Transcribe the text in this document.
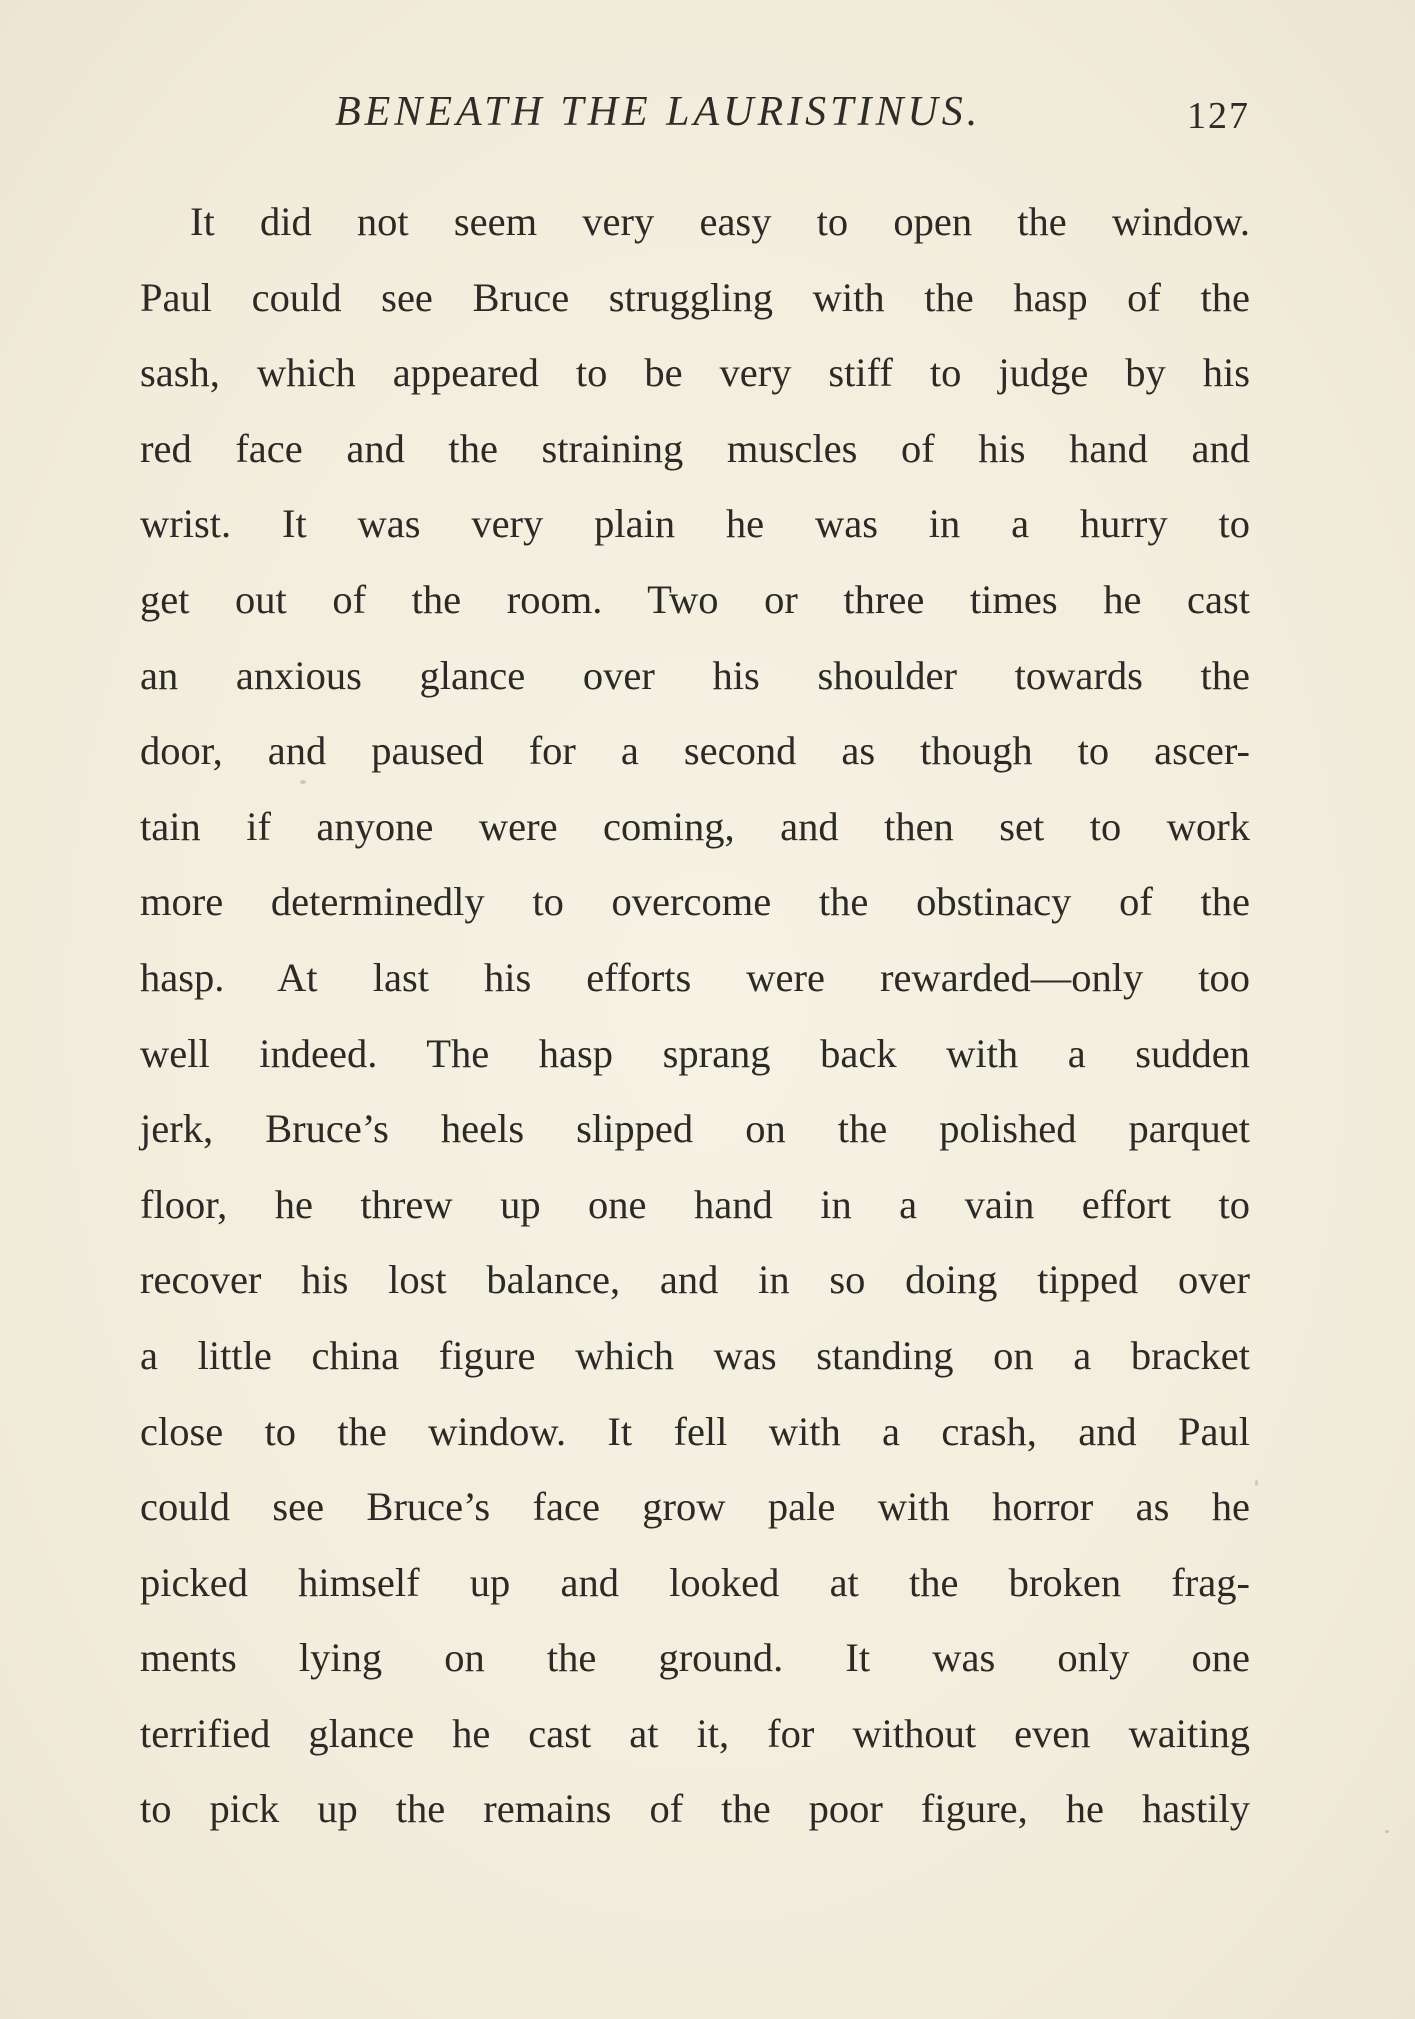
BENEATH THE LAURISTINUS.	127
It did not seem very easy to open the window.
Paul could see Bruce struggling with the hasp of the
sash, which appeared to be very stiff to judge by his
red face and the straining muscles of his hand and
wrist. It was very plain he was in a hurry to
get out of the room. Two or three times he cast
an anxious glance over his shoulder towards the
door, and paused for a second as though to ascer-
tain if anyone were coming, and then set to work
more determinedly to overcome the obstinacy of the
hasp. At last his efforts were rewarded—only too
well indeed. The hasp sprang back with a sudden
jerk, Bruce’s heels slipped on the polished parquet
floor, he threw up one hand in a vain effort to
recover his lost balance, and in so doing tipped over
a little china figure which was standing on a bracket
close to the window. It fell with a crash, and Paul
could see Bruce’s face grow pale with horror as he
picked himself up and looked at the broken frag-
ments lying on the ground. It was only one
terrified glance he cast at it, for without even waiting
to pick up the remains of the poor figure, he hastily
